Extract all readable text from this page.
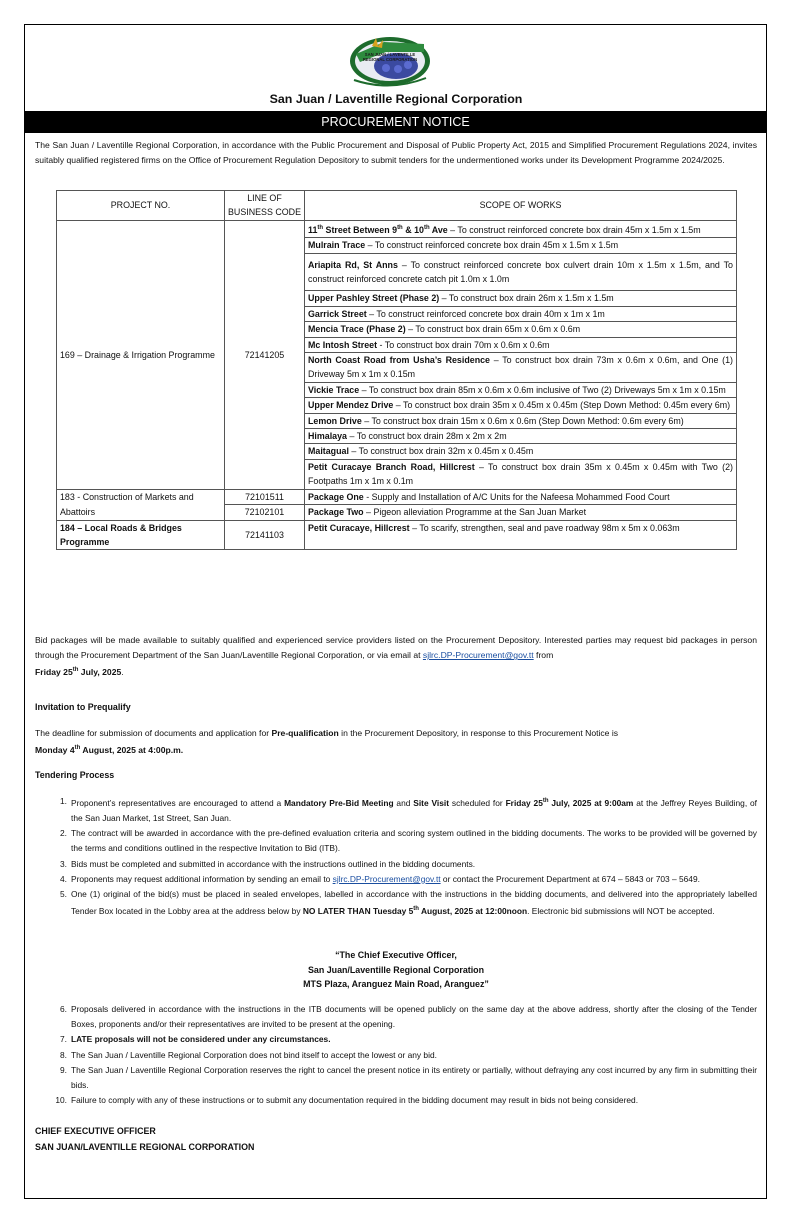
SAN JUAN / LAVENTILLE
REGIONAL CORPORATION
San Juan / Laventille Regional Corporation
PROCUREMENT NOTICE
The San Juan / Laventille Regional Corporation, in accordance with the Public Procurement and Disposal of Public Property Act, 2015 and Simplified Procurement Regulations 2024, invites suitably qualified registered firms on the Office of Procurement Regulation Depository to submit tenders for the undermentioned works under its Development Programme 2024/2025.
PROJECT NO.	LINE OF BUSINESS CODE	SCOPE OF WORKS
169 – Drainage & Irrigation Programme	72141205	11th Street Between 9th & 10th Ave – To construct reinforced concrete box drain 45m x 1.5m x 1.5m
		Mulrain Trace – To construct reinforced concrete box drain 45m x 1.5m x 1.5m
		Ariapita Rd, St Anns – To construct reinforced concrete box culvert drain 10m x 1.5m x 1.5m, and To construct reinforced concrete catch pit 1.0m x 1.0m
		Upper Pashley Street (Phase 2) – To construct box drain 26m x 1.5m x 1.5m
		Garrick Street – To construct reinforced concrete box drain 40m x 1m x 1m
		Mencia Trace (Phase 2) – To construct box drain 65m x 0.6m x 0.6m
		Mc Intosh Street - To construct box drain 70m x 0.6m x 0.6m
		North Coast Road from Usha’s Residence – To construct box drain 73m x 0.6m x 0.6m, and One (1) Driveway 5m x 1m x 0.15m
		Vickie Trace – To construct box drain 85m x 0.6m x 0.6m inclusive of Two (2) Driveways 5m x 1m x 0.15m
		Upper Mendez Drive – To construct box drain 35m x 0.45m x 0.45m (Step Down Method: 0.45m every 6m)
		Lemon Drive – To construct box drain 15m x 0.6m x 0.6m (Step Down Method: 0.6m every 6m)
		Himalaya – To construct box drain 28m x 2m x 2m
		Maitagual – To construct box drain 32m x 0.45m x 0.45m
		Petit Curacaye Branch Road, Hillcrest – To construct box drain 35m x 0.45m x 0.45m with Two (2) Footpaths 1m x 1m x 0.1m
183 - Construction of Markets and Abattoirs	72101511	Package One - Supply and Installation of A/C Units for the Nafeesa Mohammed Food Court
	72102101	Package Two – Pigeon alleviation Programme at the San Juan Market
184 – Local Roads & Bridges Programme	72141103	Petit Curacaye, Hillcrest – To scarify, strengthen, seal and pave roadway 98m x 5m x 0.063m
Bid packages will be made available to suitably qualified and experienced service providers listed on the Procurement Depository. Interested parties may request bid packages in person through the Procurement Department of the San Juan/Laventille Regional Corporation, or via email at sjlrc.DP-Procurement@gov.tt from
Friday 25th July, 2025.
Invitation to Prequalify
The deadline for submission of documents and application for Pre-qualification in the Procurement Depository, in response to this Procurement Notice is
Monday 4th August, 2025 at 4:00p.m.
Tendering Process
1. Proponent’s representatives are encouraged to attend a Mandatory Pre-Bid Meeting and Site Visit scheduled for Friday 25th July, 2025 at 9:00am at the Jeffrey Reyes Building, of the San Juan Market, 1st Street, San Juan.
2. The contract will be awarded in accordance with the pre-defined evaluation criteria and scoring system outlined in the bidding documents. The works to be provided will be governed by the terms and conditions outlined in the respective Invitation to Bid (ITB).
3. Bids must be completed and submitted in accordance with the instructions outlined in the bidding documents.
4. Proponents may request additional information by sending an email to sjlrc.DP-Procurement@gov.tt or contact the Procurement Department at 674 – 5843 or 703 – 5649.
5. One (1) original of the bid(s) must be placed in sealed envelopes, labelled in accordance with the instructions in the bidding documents, and delivered into the appropriately labelled Tender Box located in the Lobby area at the address below by NO LATER THAN Tuesday 5th August, 2025 at 12:00noon. Electronic bid submissions will NOT be accepted.
“The Chief Executive Officer,
San Juan/Laventille Regional Corporation
MTS Plaza, Aranguez Main Road, Aranguez”
6. Proposals delivered in accordance with the instructions in the ITB documents will be opened publicly on the same day at the above address, shortly after the closing of the Tender Boxes, proponents and/or their representatives are invited to be present at the opening.
7. LATE proposals will not be considered under any circumstances.
8. The San Juan / Laventille Regional Corporation does not bind itself to accept the lowest or any bid.
9. The San Juan / Laventille Regional Corporation reserves the right to cancel the present notice in its entirety or partially, without defraying any cost incurred by any firm in submitting their bids.
10. Failure to comply with any of these instructions or to submit any documentation required in the bidding document may result in bids not being considered.
CHIEF EXECUTIVE OFFICER
SAN JUAN/LAVENTILLE REGIONAL CORPORATION
